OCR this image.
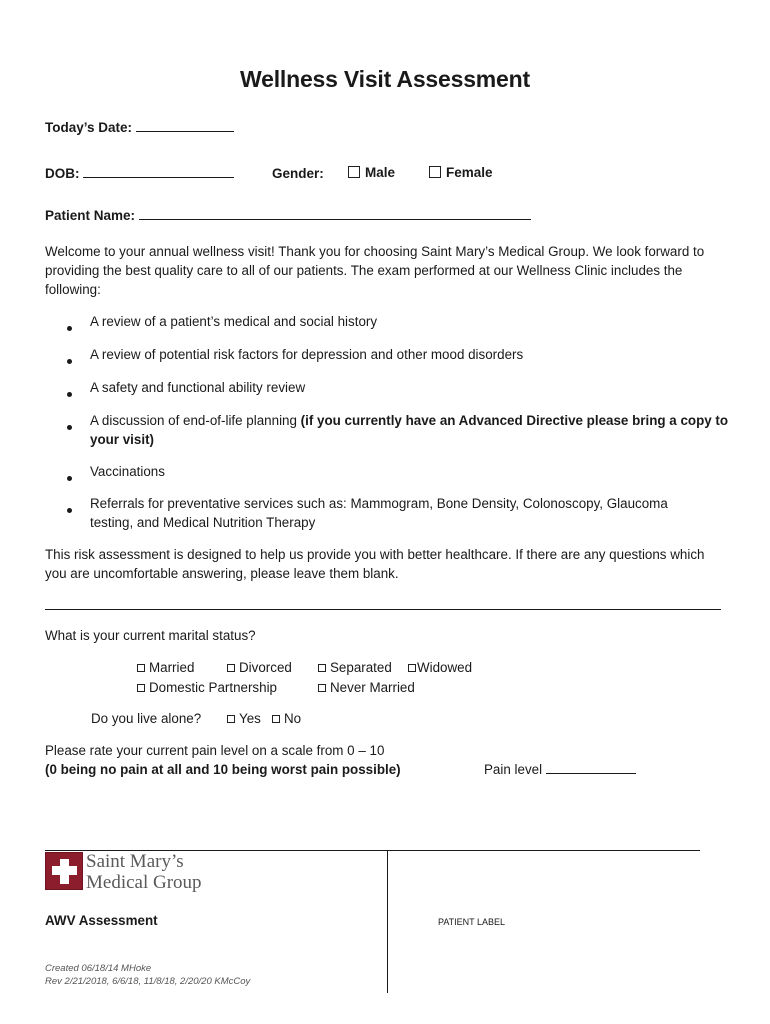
Wellness Visit Assessment
Today’s Date:
DOB:	Gender:	Male	Female
Patient Name:
Welcome to your annual wellness visit! Thank you for choosing Saint Mary’s Medical Group. We look forward to providing the best quality care to all of our patients. The exam performed at our Wellness Clinic includes the following:
A review of a patient’s medical and social history
A review of potential risk factors for depression and other mood disorders
A safety and functional ability review
A discussion of end-of-life planning (if you currently have an Advanced Directive please bring a copy to your visit)
Vaccinations
Referrals for preventative services such as: Mammogram, Bone Density, Colonoscopy, Glaucoma testing, and Medical Nutrition Therapy
This risk assessment is designed to help us provide you with better healthcare. If there are any questions which you are uncomfortable answering, please leave them blank.
What is your current marital status?
Married	Divorced	Separated	Widowed
Domestic Partnership	Never Married
Do you live alone?	Yes	No
Please rate your current pain level on a scale from 0 – 10
(0 being no pain at all and 10 being worst pain possible)	Pain level
Saint Mary’s
Medical Group
AWV Assessment	PATIENT LABEL
Created 06/18/14 MHoke
Rev 2/21/2018, 6/6/18, 11/8/18, 2/20/20 KMcCoy
